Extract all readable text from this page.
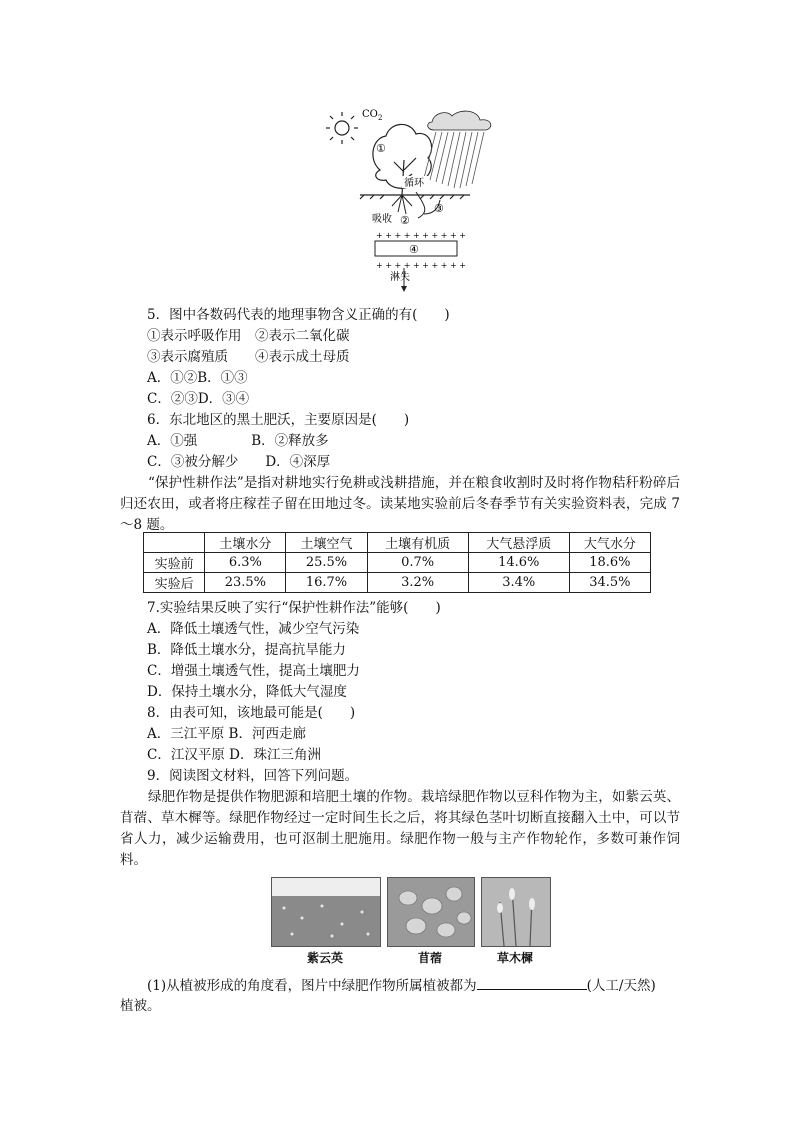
CO 2
①
循环
吸收 ②
③
+ + + + + + + + + +
④
+ + + + + + + + + +
淋失
5．图中各数码代表的地理事物含义正确的有(　　)
①表示呼吸作用　②表示二氧化碳
③表示腐殖质　　④表示成土母质
A．①②B．①③
C．②③D．③④
6．东北地区的黑土肥沃，主要原因是(　　)
A．①强　　　　B．②释放多
C．③被分解少　　D．④深厚
“保护性耕作法”是指对耕地实行免耕或浅耕措施，并在粮食收割时及时将作物秸秆粉碎后归还农田，或者将庄稼茬子留在田地过冬。读某地实验前后冬春季节有关实验资料表，完成 7～8 题。
	土壤水分	土壤空气	土壤有机质	大气悬浮质	大气水分
实验前	6.3%	25.5%	0.7%	14.6%	18.6%
实验后	23.5%	16.7%	3.2%	3.4%	34.5%
7.实验结果反映了实行“保护性耕作法”能够(　　)
A．降低土壤透气性，减少空气污染
B．降低土壤水分，提高抗旱能力
C．增强土壤透气性，提高土壤肥力
D．保持土壤水分，降低大气湿度
8．由表可知，该地最可能是(　　)
A．三江平原 B．河西走廊
C．江汉平原 D．珠江三角洲
9．阅读图文材料，回答下列问题。
绿肥作物是提供作物肥源和培肥土壤的作物。栽培绿肥作物以豆科作物为主，如紫云英、苜蓿、草木樨等。绿肥作物经过一定时间生长之后，将其绿色茎叶切断直接翻入土中，可以节省人力，减少运输费用，也可沤制土肥施用。绿肥作物一般与主产作物轮作，多数可兼作饲料。
紫云英	苜蓿	草木樨
(1)从植被形成的角度看，图片中绿肥作物所属植被都为	(人工/天然)
植被。
